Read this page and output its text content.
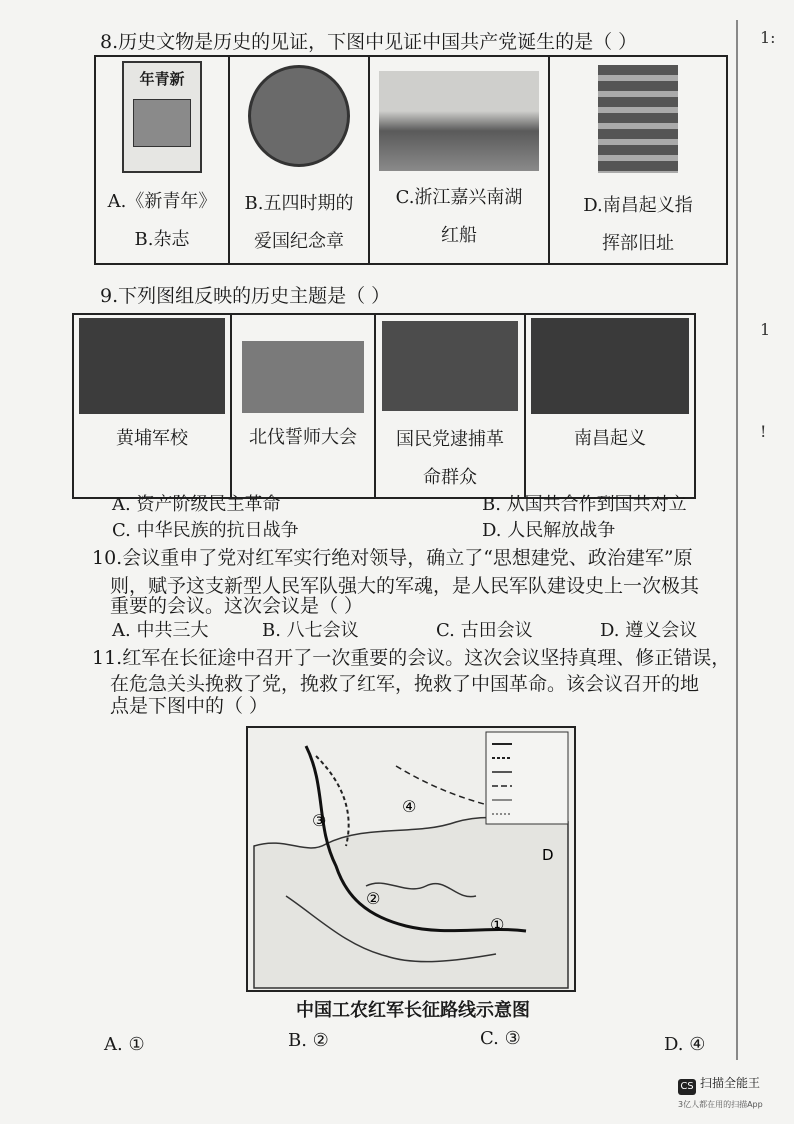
8.历史文物是历史的见证，下图中见证中国共产党诞生的是（ ）
年青新
A.《新青年》
B.杂志

B.五四时期的
爱国纪念章

C.浙江嘉兴南湖
红船

D.南昌起义指
挥部旧址
9.下列图组反映的历史主题是（ ）
黄埔军校	北伐誓师大会	国民党逮捕革
命群众

南昌起义
A. 资产阶级民主革命	B. 从国共合作到国共对立
C. 中华民族的抗日战争	D. 人民解放战争
10.会议重申了党对红军实行绝对领导，确立了“思想建党、政治建军”原
则，赋予这支新型人民军队强大的军魂，是人民军队建设史上一次极其
重要的会议。这次会议是（ ）
A. 中共三大	B. 八七会议	C. 古田会议	D. 遵义会议
11.红军在长征途中召开了一次重要的会议。这次会议坚持真理、修正错误，
在危急关头挽救了党，挽救了红军，挽救了中国革命。该会议召开的地
点是下图中的（ ）
④
③
②
①
D
中国工农红军长征路线示意图
A. ①	B. ②	C. ③	D. ④
1:
1
!
CS $^{扫描全能王}$
3亿人都在用的扫描App
